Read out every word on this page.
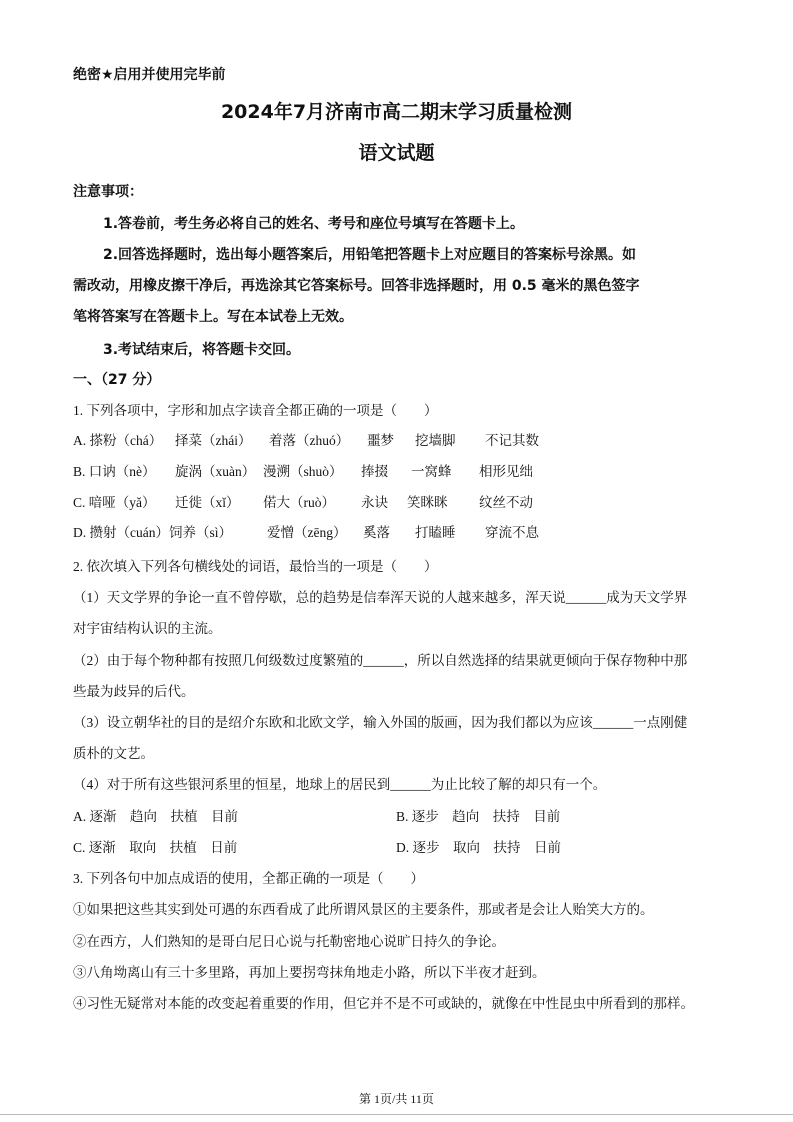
绝密★启用并使用完毕前
2024年7月济南市高二期末学习质量检测
语文试题
注意事项：
1.答卷前，考生务必将自己的姓名、考号和座位号填写在答题卡上。
2.回答选择题时，选出每小题答案后，用铅笔把答题卡上对应题目的答案标号涂黑。如
需改动，用橡皮擦干净后，再选涂其它答案标号。回答非选择题时，用 0.5 毫米的黑色签字
笔将答案写在答题卡上。写在本试卷上无效。
3.考试结束后，将答题卡交回。
一、（27 分）
1. 下列各项中，字形和加点字读音全都正确的一项是（　　）
A. 搽粉（chá） 择菜（zhái） 着落（zhuó） 噩梦 挖墙脚 不记其数
B. 口讷（nè） 旋涡（xuàn） 漫溯（shuò） 捧掇 一窝蜂 相形见绌
C. 喑哑（yǎ） 迁徙（xǐ） 偌大（ruò） 永诀 笑眯眯 纹丝不动
D. 攒射（cuán）饲养（sì）	爱憎（zēng） 奚落 打瞌睡 穿流不息
2. 依次填入下列各句横线处的词语，最恰当的一项是（　　）
（1）天文学界的争论一直不曾停歇，总的趋势是信奉浑天说的人越来越多，浑天说______成为天文学界
对宇宙结构认识的主流。
（2）由于每个物种都有按照几何级数过度繁殖的______，所以自然选择的结果就更倾向于保存物种中那
些最为歧异的后代。
（3）设立朝华社的目的是绍介东欧和北欧文学，输入外国的版画，因为我们都以为应该______一点刚健
质朴的文艺。
（4）对于所有这些银河系里的恒星，地球上的居民到______为止比较了解的却只有一个。
A. 逐渐　趋向　扶植　目前	B. 逐步　趋向　扶持　目前
C. 逐渐　取向　扶植　日前	D. 逐步　取向　扶持　日前
3. 下列各句中加点成语的使用，全都正确的一项是（　　）
①如果把这些其实到处可遇的东西看成了此所谓风景区的主要条件，那或者是会让人贻笑大方的。
②在西方，人们熟知的是哥白尼日心说与托勒密地心说旷日持久的争论。
③八角坳离山有三十多里路，再加上要拐弯抹角地走小路，所以下半夜才赶到。
④习性无疑常对本能的改变起着重要的作用，但它并不是不可或缺的，就像在中性昆虫中所看到的那样。
第 1页/共 11页
